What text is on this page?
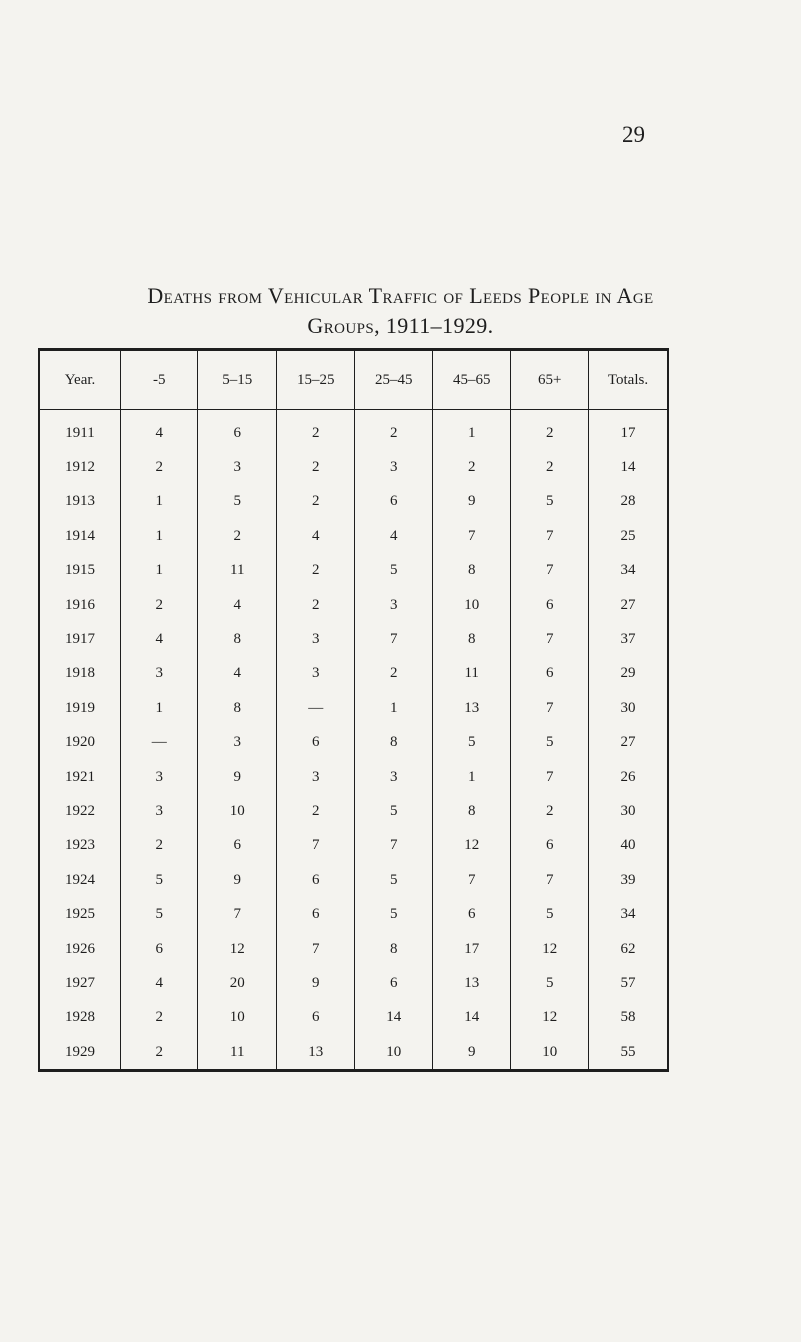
29
Deaths from Vehicular Traffic of Leeds People in Age
Groups, 1911–1929.
Year.	-5	5–15	15–25	25–45	45–65	65+	Totals.
1911	4	6	2	2	1	2	17
1912	2	3	2	3	2	2	14
1913	1	5	2	6	9	5	28
1914	1	2	4	4	7	7	25
1915	1	11	2	5	8	7	34
1916	2	4	2	3	10	6	27
1917	4	8	3	7	8	7	37
1918	3	4	3	2	11	6	29
1919	1	8	—	1	13	7	30
1920	—	3	6	8	5	5	27
1921	3	9	3	3	1	7	26
1922	3	10	2	5	8	2	30
1923	2	6	7	7	12	6	40
1924	5	9	6	5	7	7	39
1925	5	7	6	5	6	5	34
1926	6	12	7	8	17	12	62
1927	4	20	9	6	13	5	57
1928	2	10	6	14	14	12	58
1929	2	11	13	10	9	10	55
